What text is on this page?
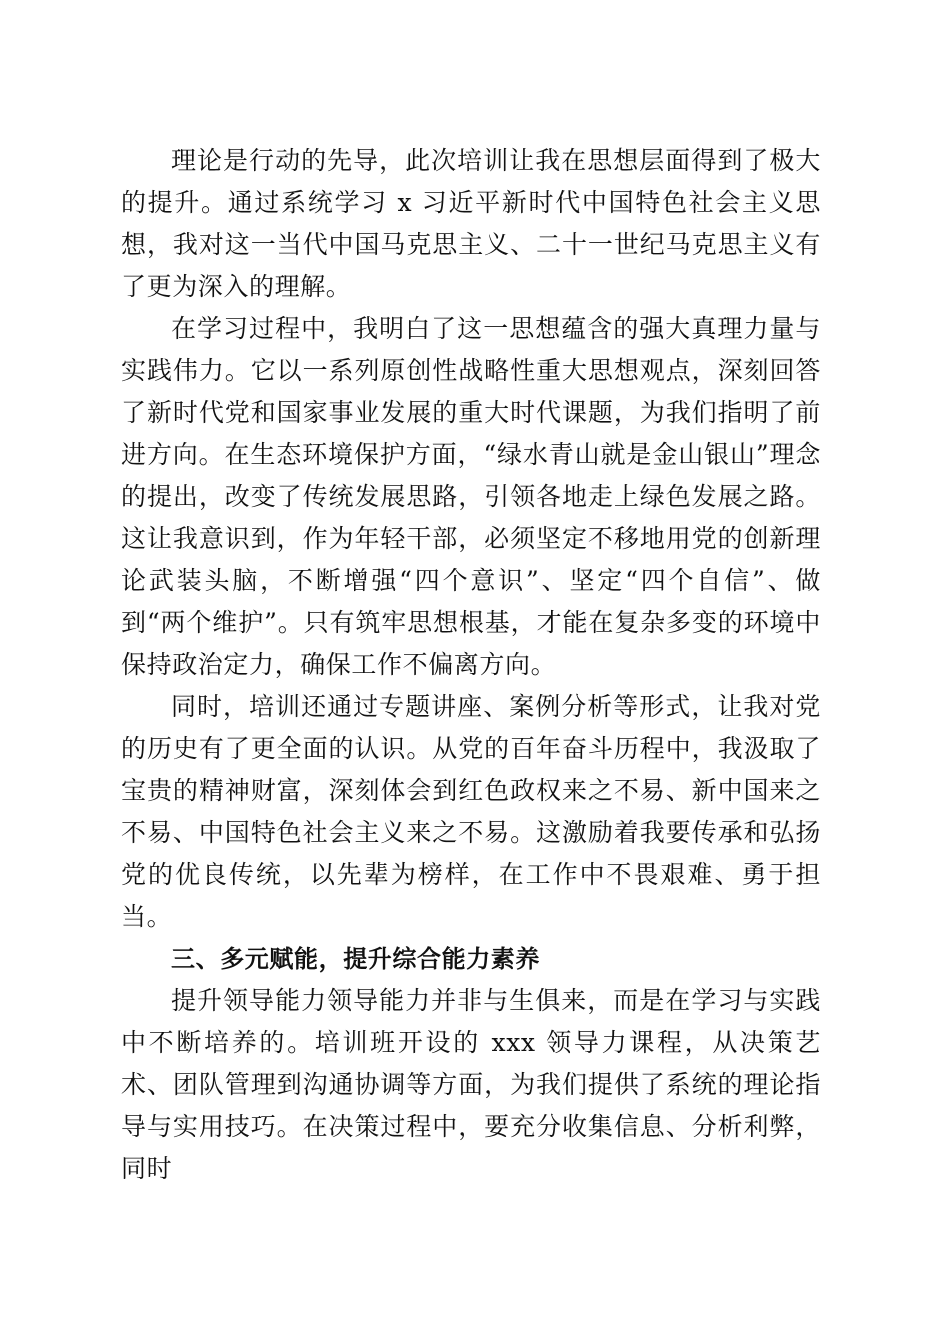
理论是行动的先导，此次培训让我在思想层面得到了极大的提升。通过系统学习 x 习近平新时代中国特色社会主义思想，我对这一当代中国马克思主义、二十一世纪马克思主义有了更为深入的理解。

在学习过程中，我明白了这一思想蕴含的强大真理力量与实践伟力。它以一系列原创性战略性重大思想观点，深刻回答了新时代党和国家事业发展的重大时代课题，为我们指明了前进方向。在生态环境保护方面，“绿水青山就是金山银山”理念的提出，改变了传统发展思路，引领各地走上绿色发展之路。这让我意识到，作为年轻干部，必须坚定不移地用党的创新理论武装头脑，不断增强“四个意识”、坚定“四个自信”、做到“两个维护”。只有筑牢思想根基，才能在复杂多变的环境中保持政治定力，确保工作不偏离方向。

同时，培训还通过专题讲座、案例分析等形式，让我对党的历史有了更全面的认识。从党的百年奋斗历程中，我汲取了宝贵的精神财富，深刻体会到红色政权来之不易、新中国来之不易、中国特色社会主义来之不易。这激励着我要传承和弘扬党的优良传统，以先辈为榜样，在工作中不畏艰难、勇于担当。

三、多元赋能，提升综合能力素养

提升领导能力领导能力并非与生俱来，而是在学习与实践中不断培养的。培训班开设的 xxx 领导力课程，从决策艺术、团队管理到沟通协调等方面，为我们提供了系统的理论指导与实用技巧。在决策过程中，要充分收集信息、分析利弊，同时
